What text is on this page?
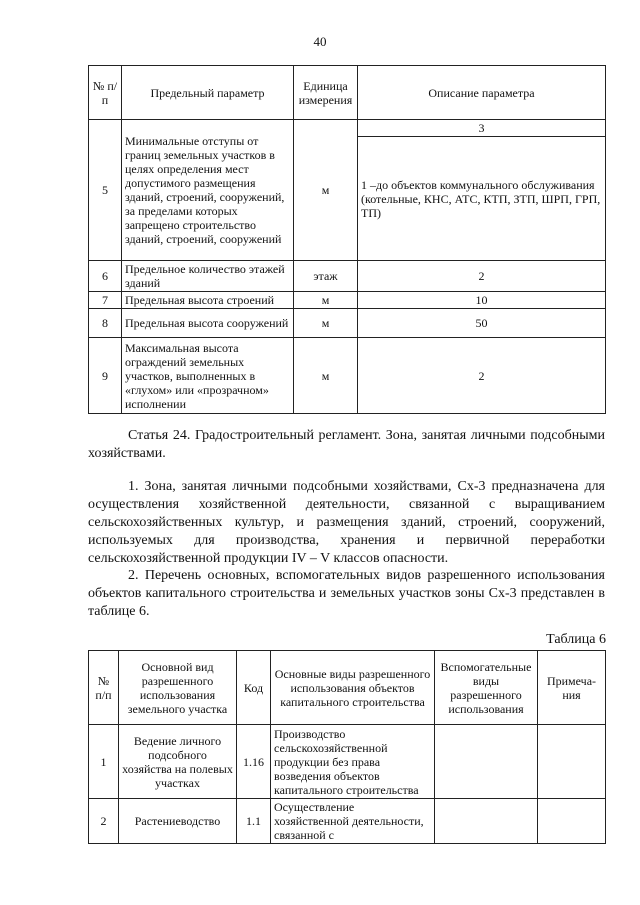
40
№ п/п	Предельный параметр	Единица измерения	Описание параметра
5	Минимальные отступы от границ земельных участков в целях определения мест допустимого размещения зданий, строений, сооружений, за пределами которых запрещено строительство зданий, строений, сооружений	м	3
			1 –до объектов коммунального обслуживания (котельные, КНС, АТС, КТП, ЗТП, ШРП, ГРП, ТП)
6	Предельное количество этажей зданий	этаж	2
7	Предельная высота строений	м	10
8	Предельная высота сооружений	м	50
9	Максимальная высота ограждений земельных участков, выполненных в «глухом» или «прозрачном» исполнении	м	2
Статья 24. Градостроительный регламент. Зона, занятая личными подсобными хозяйствами.
1. Зона, занятая личными подсобными хозяйствами, Сх-3 предназначена для осуществления хозяйственной деятельности, связанной с выращиванием сельскохозяйственных культур, и размещения зданий, строений, сооружений, используемых для производства, хранения и первичной переработки сельскохозяйственной продукции IV – V классов опасности.
2. Перечень основных, вспомогательных видов разрешенного использования объектов капитального строительства и земельных участков зоны Сх-3 представлен в таблице 6.
Таблица 6
№ п/п	Основной вид разрешенного использования земельного участка	Код	Основные виды разрешенного использования объектов капитального строительства	Вспомогательные виды разрешенного использования	Примеча-ния
1	Ведение личного подсобного хозяйства на полевых участках	1.16	Производство сельскохозяйственной продукции без права возведения объектов капитального строительства		
2	Растениеводство	1.1	Осуществление хозяйственной деятельности, связанной с		
